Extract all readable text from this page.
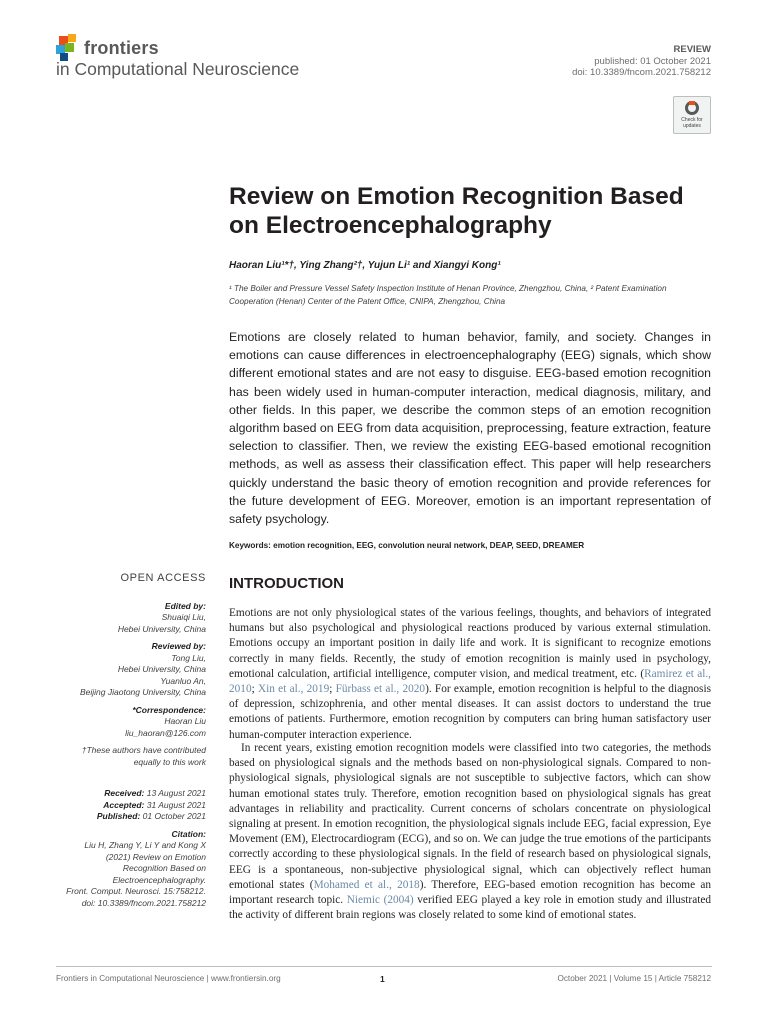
frontiers
in Computational Neuroscience
REVIEW
published: 01 October 2021
doi: 10.3389/fncom.2021.758212
Check for updates
Review on Emotion Recognition Based on Electroencephalography
Haoran Liu¹*†, Ying Zhang²†, Yujun Li¹ and Xiangyi Kong¹
¹ The Boiler and Pressure Vessel Safety Inspection Institute of Henan Province, Zhengzhou, China, ² Patent Examination Cooperation (Henan) Center of the Patent Office, CNIPA, Zhengzhou, China

Emotions are closely related to human behavior, family, and society. Changes in emotions can cause differences in electroencephalography (EEG) signals, which show different emotional states and are not easy to disguise. EEG-based emotion recognition has been widely used in human-computer interaction, medical diagnosis, military, and other fields. In this paper, we describe the common steps of an emotion recognition algorithm based on EEG from data acquisition, preprocessing, feature extraction, feature selection to classifier. Then, we review the existing EEG-based emotional recognition methods, as well as assess their classification effect. This paper will help researchers quickly understand the basic theory of emotion recognition and provide references for the future development of EEG. Moreover, emotion is an important representation of safety psychology.

Keywords: emotion recognition, EEG, convolution neural network, DEAP, SEED, DREAMER
OPEN ACCESS
Edited by:
Shuaiqi Liu,
Hebei University, China
Reviewed by:
Tong Liu,
Hebei University, China
Yuanluo An,
Beijing Jiaotong University, China
*Correspondence:
Haoran Liu
liu_haoran@126.com
†These authors have contributed
equally to this work
Received: 13 August 2021
Accepted: 31 August 2021
Published: 01 October 2021
Citation:
Liu H, Zhang Y, Li Y and Kong X
(2021) Review on Emotion
Recognition Based on
Electroencephalography.
Front. Comput. Neurosci. 15:758212.
doi: 10.3389/fncom.2021.758212
INTRODUCTION

Emotions are not only physiological states of the various feelings, thoughts, and behaviors of integrated humans but also psychological and physiological reactions produced by various external stimulation. Emotions occupy an important position in daily life and work. It is significant to recognize emotions correctly in many fields. Recently, the study of emotion recognition is mainly used in psychology, emotional calculation, artificial intelligence, computer vision, and medical treatment, etc. (Ramirez et al., 2010; Xin et al., 2019; Fürbass et al., 2020). For example, emotion recognition is helpful to the diagnosis of depression, schizophrenia, and other mental diseases. It can assist doctors to understand the true emotions of patients. Furthermore, emotion recognition by computers can bring human satisfactory user human-computer interaction experience.

In recent years, existing emotion recognition models were classified into two categories, the methods based on physiological signals and the methods based on non-physiological signals. Compared to non-physiological signals, physiological signals are not susceptible to subjective factors, which can show human emotional states truly. Therefore, emotion recognition based on physiological signals has great advantages in reliability and practicality. Current concerns of scholars concentrate on physiological signaling at present. In emotion recognition, the physiological signals include EEG, facial expression, Eye Movement (EM), Electrocardiogram (ECG), and so on. We can judge the true emotions of the participants correctly according to these physiological signals. In the field of research based on physiological signals, EEG is a spontaneous, non-subjective physiological signal, which can objectively reflect human emotional states (Mohamed et al., 2018). Therefore, EEG-based emotion recognition has become an important research topic. Niemic (2004) verified EEG played a key role in emotion study and illustrated the activity of different brain regions was closely related to some kind of emotional states.

Frontiers in Computational Neuroscience | www.frontiersin.org	1	October 2021 | Volume 15 | Article 758212
